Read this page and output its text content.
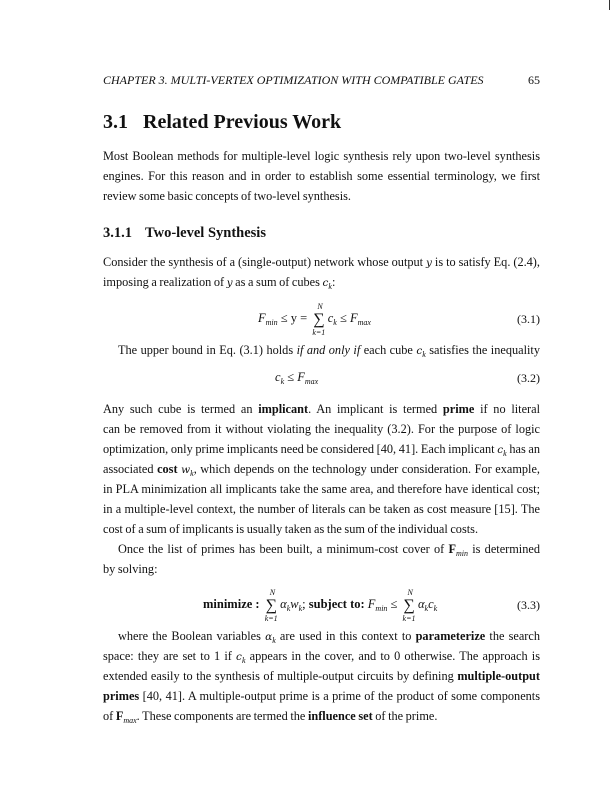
CHAPTER 3. MULTI-VERTEX OPTIMIZATION WITH COMPATIBLE GATES	65
3.1 Related Previous Work
Most Boolean methods for multiple-level logic synthesis rely upon two-level synthesis
engines. For this reason and in order to establish some essential terminology, we first
review some basic concepts of two-level synthesis.
3.1.1 Two-level Synthesis
Consider the synthesis of a (single-output) network whose output y is to satisfy Eq. (2.4),
imposing a realization of y as a sum of cubes $c_k$:
$F_{min} \le y$ = ∑
N
k=1
$c_k \le F_{max}$	(3.1)
The upper bound in Eq. (3.1) holds if and only if each cube $c_k$ satisfies the inequality
$c_k \le F_{max}$	(3.2)
Any such cube is termed an implicant. An implicant is termed prime if no literal
can be removed from it without violating the inequality (3.2). For the purpose of logic
optimization, only prime implicants need be considered [40, 41]. Each implicant $c_k$ has an
associated cost $w_k$, which depends on the technology under consideration. For example,
in PLA minimization all implicants take the same area, and therefore have identical cost;
in a multiple-level context, the number of literals can be taken as cost measure [15]. The
cost of a sum of implicants is usually taken as the sum of the individual costs.
Once the list of primes has been built, a minimum-cost cover of $F_{min}$ is determined
by solving:
minimize : ∑
N
k=1
$\alpha_kw_k$; subject to: $F_{min}$ ≤ ∑
N
k=1
$\alpha_kc_k$	(3.3)
where the Boolean variables $\alpha_k$ are used in this context to parameterize the search
space: they are set to 1 if $c_k$ appears in the cover, and to 0 otherwise. The approach is
extended easily to the synthesis of multiple-output circuits by defining multiple-output
primes [40, 41]. A multiple-output prime is a prime of the product of some components
of $F_{max}$. These components are termed the influence set of the prime.
